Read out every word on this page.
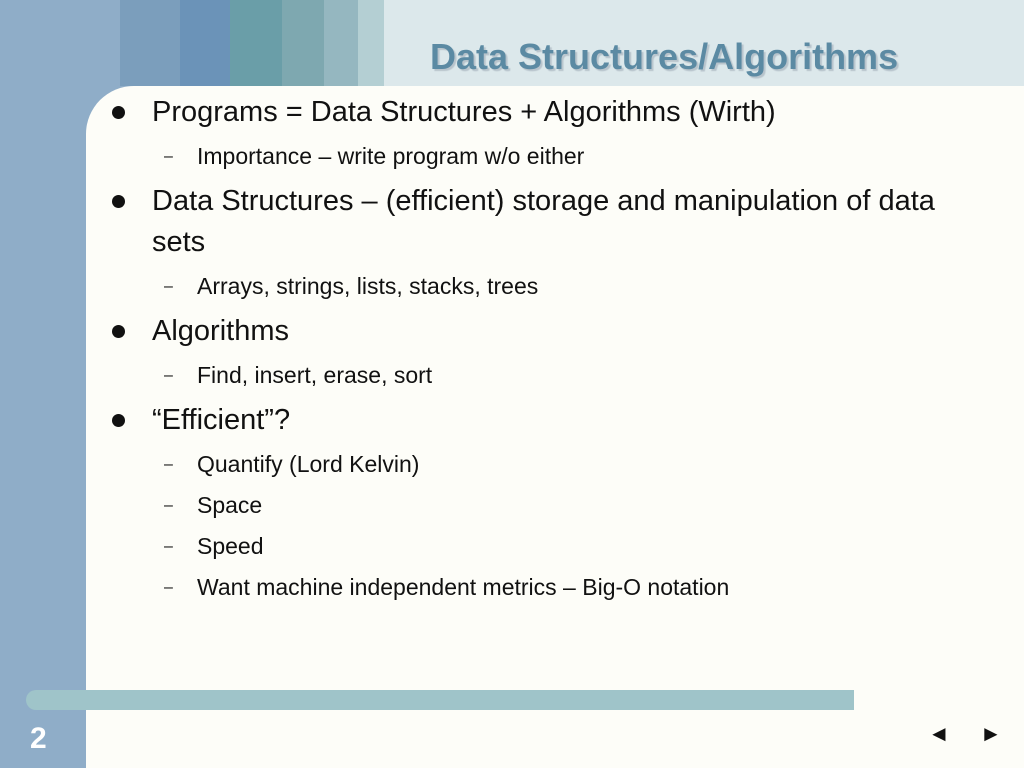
Data Structures/Algorithms

Programs = Data Structures + Algorithms (Wirth)

– Importance – write program w/o either

Data Structures – (efficient) storage and manipulation of data sets

– Arrays, strings, lists, stacks, trees

Algorithms

– Find, insert, erase, sort

“Efficient”?

– Quantify (Lord Kelvin)

– Space

– Speed

– Want machine independent metrics – Big-O notation

2	◄ ►
